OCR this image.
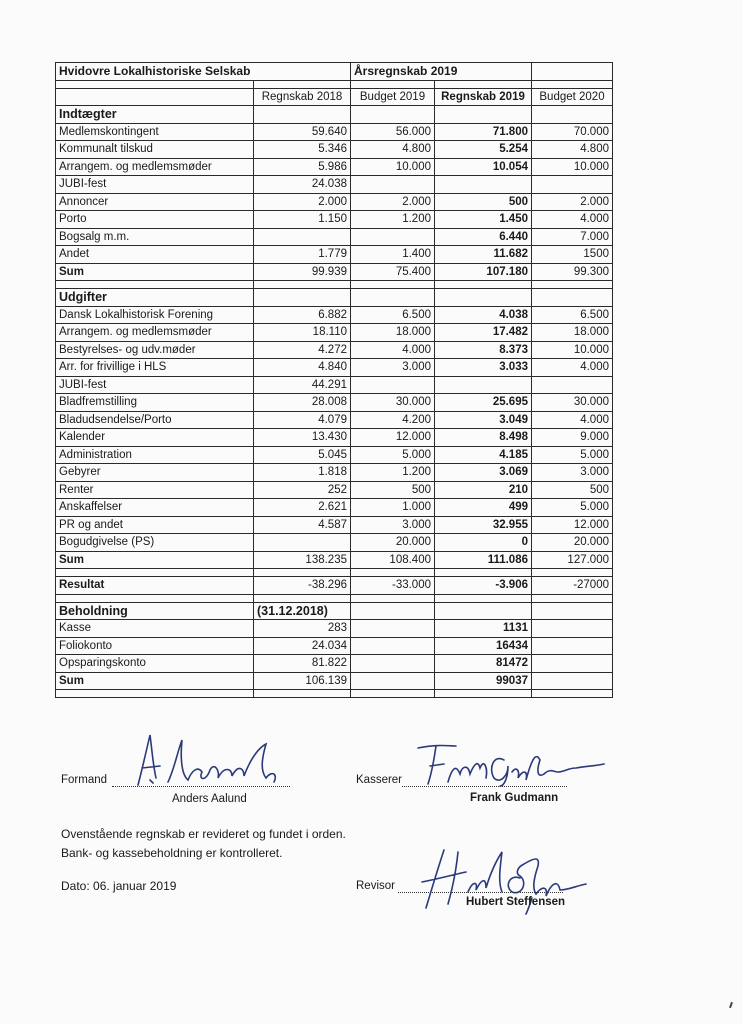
Hvidovre Lokalhistoriske Selskab		Årsregnskab 2019		

	Regnskab 2018	Budget 2019	Regnskab 2019	Budget 2020
Indtægter				
Medlemskontingent	59.640	56.000	71.800	70.000
Kommunalt tilskud	5.346	4.800	5.254	4.800
Arrangem. og medlemsmøder	5.986	10.000	10.054	10.000
JUBI-fest	24.038			
Annoncer	2.000	2.000	500	2.000
Porto	1.150	1.200	1.450	4.000
Bogsalg m.m.			6.440	7.000
Andet	1.779	1.400	11.682	1500
Sum	99.939	75.400	107.180	99.300

Udgifter				
Dansk Lokalhistorisk Forening	6.882	6.500	4.038	6.500
Arrangem. og medlemsmøder	18.110	18.000	17.482	18.000
Bestyrelses- og udv.møder	4.272	4.000	8.373	10.000
Arr. for frivillige i HLS	4.840	3.000	3.033	4.000
JUBI-fest	44.291			
Bladfremstilling	28.008	30.000	25.695	30.000
Bladudsendelse/Porto	4.079	4.200	3.049	4.000
Kalender	13.430	12.000	8.498	9.000
Administration	5.045	5.000	4.185	5.000
Gebyrer	1.818	1.200	3.069	3.000
Renter	252	500	210	500
Anskaffelser	2.621	1.000	499	5.000
PR og andet	4.587	3.000	32.955	12.000
Bogudgivelse (PS)		20.000	0	20.000
Sum	138.235	108.400	111.086	127.000

Resultat	-38.296	-33.000	-3.906	-27000

Beholdning	(31.12.2018)			
Kasse	283		1131	
Foliokonto	24.034		16434	
Opsparingskonto	81.822		81472	
Sum	106.139		99037	

Formand
Anders Aalund
Kasserer
Frank Gudmann
Ovenstående regnskab er revideret og fundet i orden.
Bank- og kassebeholdning er kontrolleret.
Dato: 06. januar 2019	Revisor
Hubert Steffensen
